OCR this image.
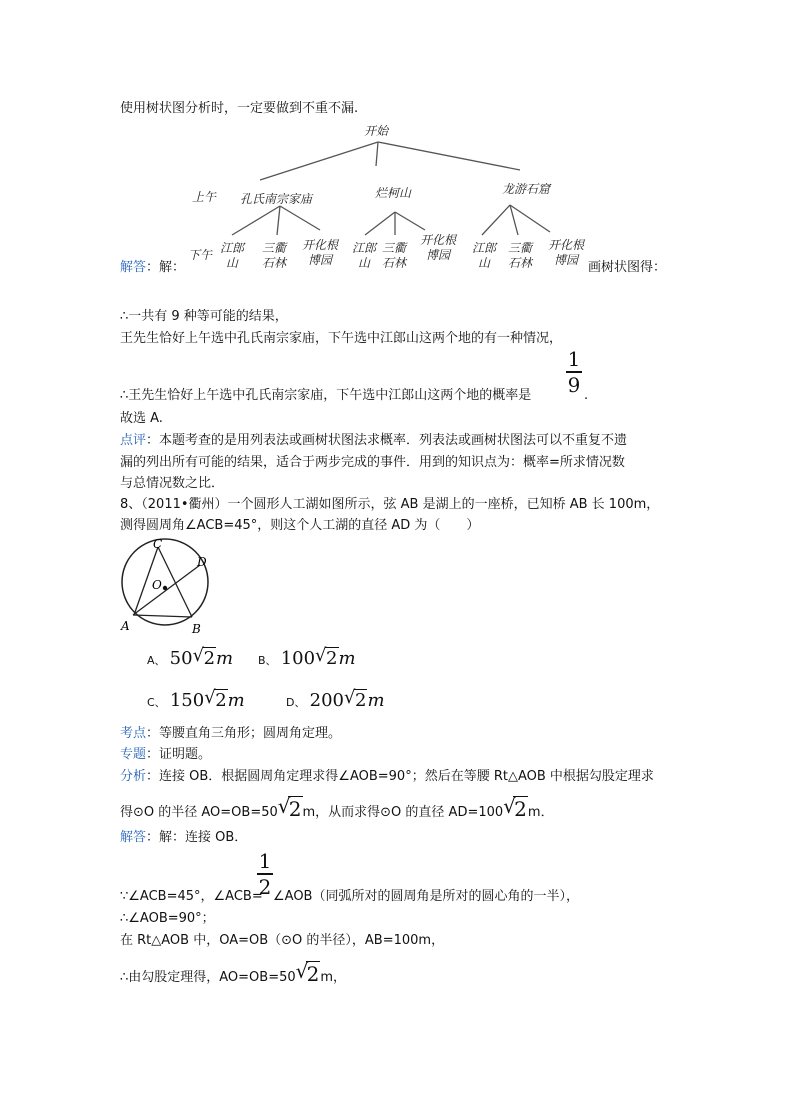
使用树状图分析时，一定要做到不重不漏.
开始
上午 孔氏南宗家庙	烂柯山	龙游石窟
下午 江郎
山
三衢
石林
开化根
博园
江郎
山
三衢
石林
开化根
博园	江郎
山
三衢
石林
开化根
博园
解答：解：	画树状图得：
∴一共有 9 种等可能的结果，
王先生恰好上午选中孔氏南宗家庙，下午选中江郎山这两个地的有一种情况，
∴王先生恰好上午选中孔氏南宗家庙，下午选中江郎山这两个地的概率是
1
9 .
故选 A.
点评：本题考查的是用列表法或画树状图法求概率．列表法或画树状图法可以不重复不遗
漏的列出所有可能的结果，适合于两步完成的事件．用到的知识点为：概率=所求情况数
与总情况数之比．
8、（2011•衢州）一个圆形人工湖如图所示，弦 AB 是湖上的一座桥，已知桥 AB 长 100m，
测得圆周角∠ACB=45°，则这个人工湖的直径 AD 为（　　）
C
D
O
A	B
A、 50 √ 2m B、 100 √ 2m
C、 150 √ 2m	D、 200 √ 2m
考点：等腰直角三角形；圆周角定理。
专题：证明题。
分析：连接 OB．根据圆周角定理求得∠AOB=90°；然后在等腰 Rt△AOB 中根据勾股定理求
得⊙O 的半径 AO=OB=50 √
2m，从而求得⊙O 的直径 AD=100 √
2m．
解答：解：连接 OB．
1
2
∵∠ACB=45°，∠ACB= ∠AOB（同弧所对的圆周角是所对的圆心角的一半），
∴∠AOB=90°；
在 Rt△AOB 中，OA=OB（⊙O 的半径），AB=100m，
∴由勾股定理得，AO=OB=50 √
2m，
